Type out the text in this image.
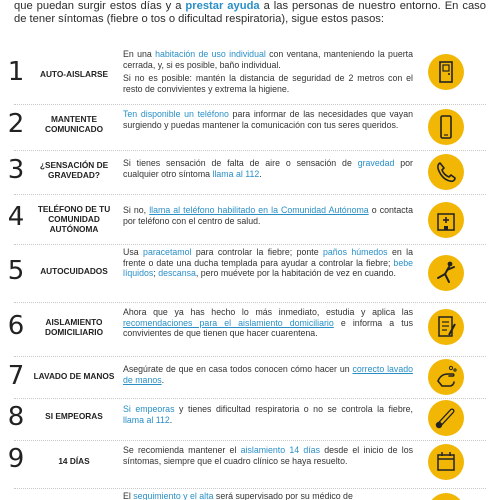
que puedan surgir estos días y a prestar ayuda a las personas de nuestro entorno. En caso de tener síntomas (fiebre o tos o dificultad respiratoria), sigue estos pasos:
1	AUTO-AISLARSE

En una habitación de uso individual con ventana, manteniendo la puerta cerrada, y, si es posible, baño individual.

Si no es posible: mantén la distancia de seguridad de 2 metros con el resto de convivientes y extrema la higiene.

2	MANTENTE COMUNICADO

Ten disponible un teléfono para informar de las necesidades que vayan surgiendo y puedas mantener la comunicación con tus seres queridos.

3	¿SENSACIÓN DE GRAVEDAD?

Si tienes sensación de falta de aire o sensación de gravedad por cualquier otro síntoma llama al 112.

4	TELÉFONO DE TU COMUNIDAD AUTÓNOMA

Si no, llama al teléfono habilitado en la Comunidad Autónoma o contacta por teléfono con el centro de salud.

5	AUTOCUIDADOS

Usa paracetamol para controlar la fiebre; ponte paños húmedos en la frente o date una ducha templada para ayudar a controlar la fiebre; bebe líquidos; descansa, pero muévete por la habitación de vez en cuando.

6	AISLAMIENTO DOMICILIARIO

Ahora que ya has hecho lo más inmediato, estudia y aplica las recomendaciones para el aislamiento domiciliario e informa a tus convivientes de que tienen que hacer cuarentena.

7	LAVADO DE MANOS

Asegúrate de que en casa todos conocen cómo hacer un correcto lavado de manos.

8	SI EMPEORAS

Si empeoras y tienes dificultad respiratoria o no se controla la fiebre, llama al 112.

9	14 DÍAS

Se recomienda mantener el aislamiento 14 días desde el inicio de los síntomas, siempre que el cuadro clínico se haya resuelto.

El seguimiento y el alta será supervisado por su médico de
